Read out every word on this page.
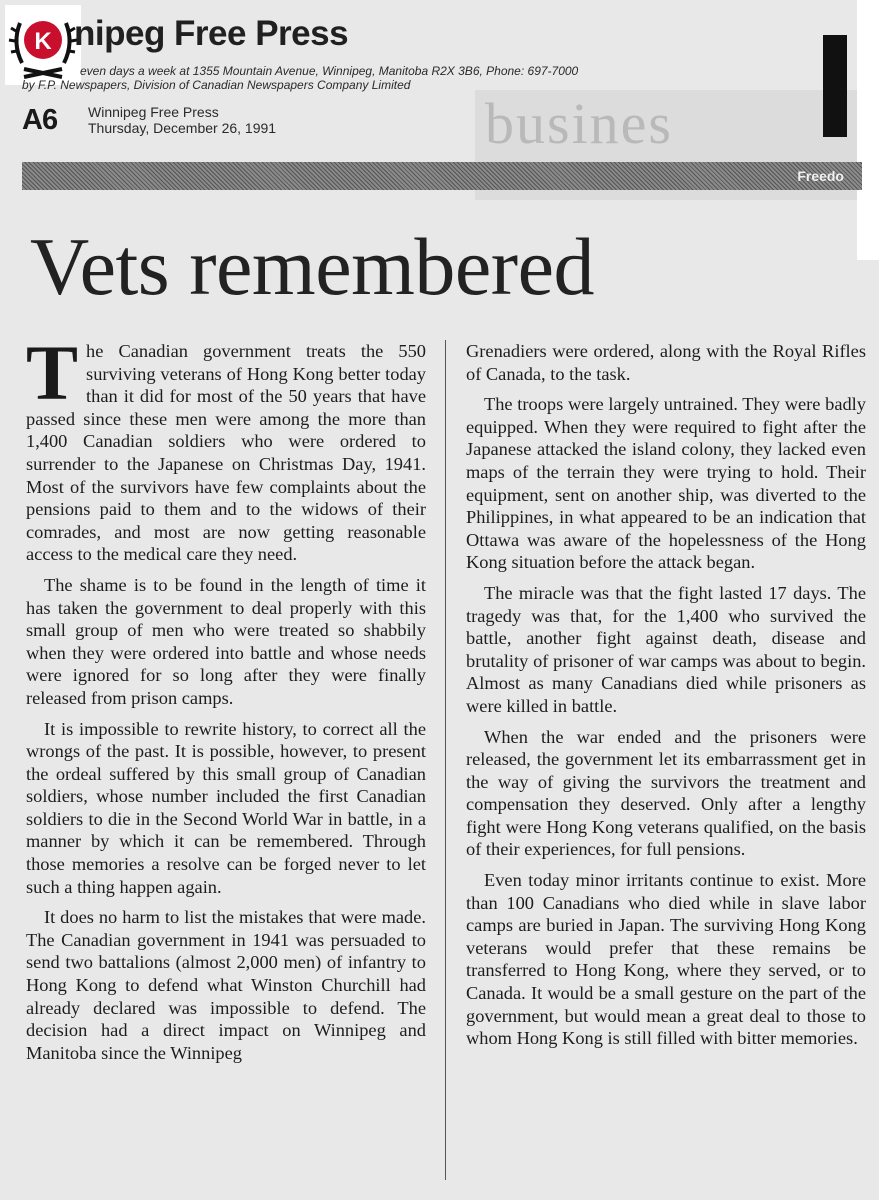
busines
K nipeg Free Press
even days a week at 1355 Mountain Avenue, Winnipeg, Manitoba R2X 3B6, Phone: 697-7000
by F.P. Newspapers, Division of Canadian Newspapers Company Limited
A6 Winnipeg Free Press
Thursday, December 26, 1991
Freedo
Vets remembered

The Canadian government treats the 550 surviving veterans of Hong Kong better today than it did for most of the 50 years that have passed since these men were among the more than 1,400 Canadian soldiers who were ordered to surrender to the Japanese on Christmas Day, 1941. Most of the survivors have few complaints about the pensions paid to them and to the widows of their comrades, and most are now getting reasonable access to the medical care they need.

The shame is to be found in the length of time it has taken the government to deal properly with this small group of men who were treated so shabbily when they were ordered into battle and whose needs were ignored for so long after they were finally released from prison camps.

It is impossible to rewrite history, to correct all the wrongs of the past. It is possible, however, to present the ordeal suffered by this small group of Canadian soldiers, whose number included the first Canadian soldiers to die in the Second World War in battle, in a manner by which it can be remembered. Through those memories a resolve can be forged never to let such a thing happen again.

It does no harm to list the mistakes that were made. The Canadian government in 1941 was persuaded to send two battalions (almost 2,000 men) of infantry to Hong Kong to defend what Winston Churchill had already declared was impossible to defend. The decision had a direct impact on Winnipeg and Manitoba since the Winnipeg

Grenadiers were ordered, along with the Royal Rifles of Canada, to the task.

The troops were largely untrained. They were badly equipped. When they were required to fight after the Japanese attacked the island colony, they lacked even maps of the terrain they were trying to hold. Their equipment, sent on another ship, was diverted to the Philippines, in what appeared to be an indication that Ottawa was aware of the hopelessness of the Hong Kong situation before the attack began.

The miracle was that the fight lasted 17 days. The tragedy was that, for the 1,400 who survived the battle, another fight against death, disease and brutality of prisoner of war camps was about to begin. Almost as many Canadians died while prisoners as were killed in battle.

When the war ended and the prisoners were released, the government let its embarrassment get in the way of giving the survivors the treatment and compensation they deserved. Only after a lengthy fight were Hong Kong veterans qualified, on the basis of their experiences, for full pensions.

Even today minor irritants continue to exist. More than 100 Canadians who died while in slave labor camps are buried in Japan. The surviving Hong Kong veterans would prefer that these remains be transferred to Hong Kong, where they served, or to Canada. It would be a small gesture on the part of the government, but would mean a great deal to those to whom Hong Kong is still filled with bitter memories.
